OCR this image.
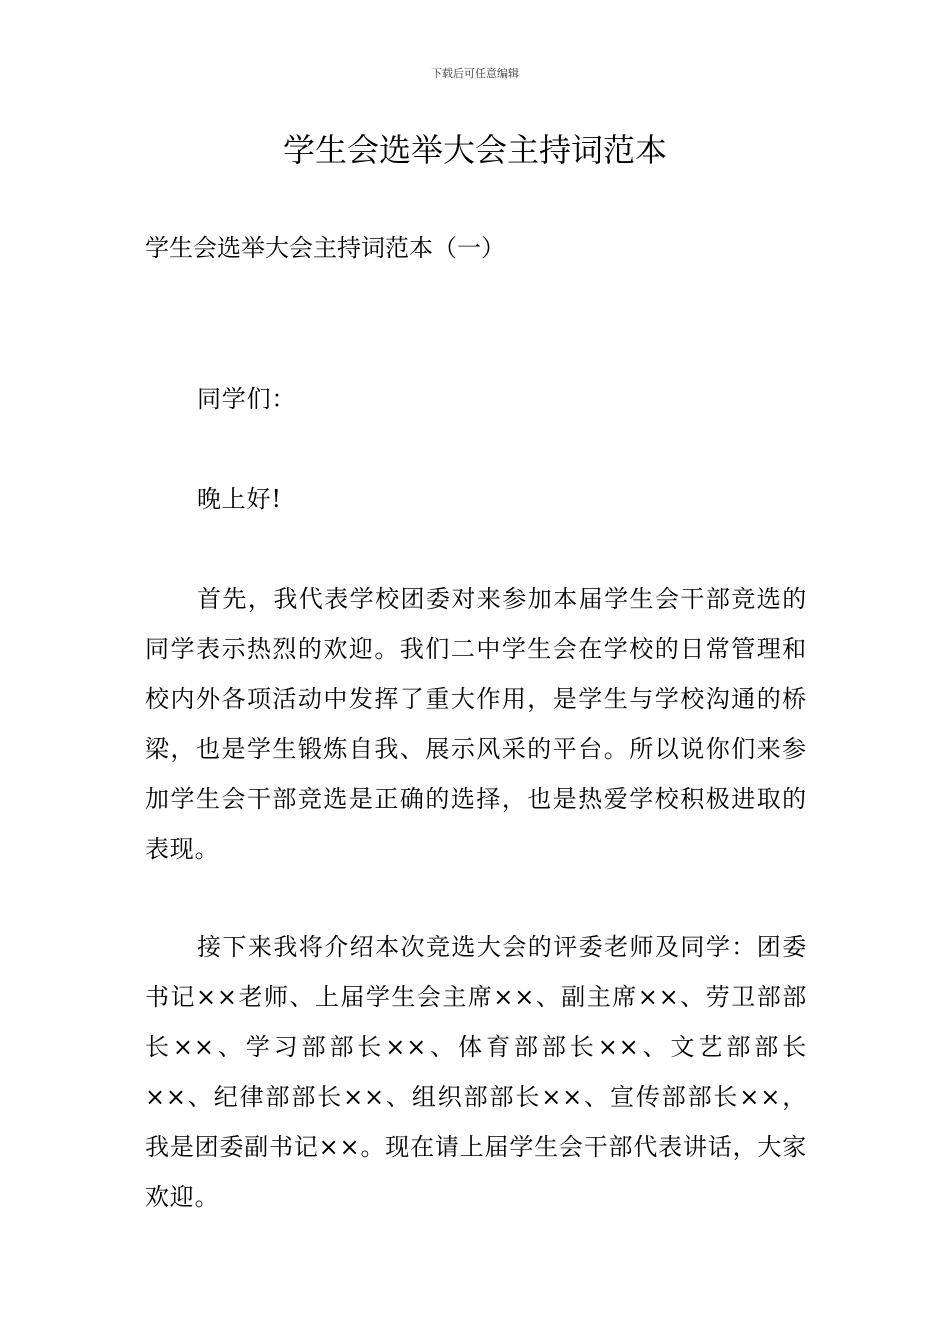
下载后可任意编辑
学生会选举大会主持词范本
学生会选举大会主持词范本（一）

同学们：

晚上好!

首先，我代表学校团委对来参加本届学生会干部竞选的同学表示热烈的欢迎。我们二中学生会在学校的日常管理和校内外各项活动中发挥了重大作用，是学生与学校沟通的桥梁，也是学生锻炼自我、展示风采的平台。所以说你们来参加学生会干部竞选是正确的选择，也是热爱学校积极进取的表现。

接下来我将介绍本次竞选大会的评委老师及同学：团委书记××老师、上届学生会主席××、副主席××、劳卫部部长××、学习部部长××、体育部部长××、文艺部部长××、纪律部部长××、组织部部长××、宣传部部长××，我是团委副书记××。现在请上届学生会干部代表讲话，大家欢迎。
